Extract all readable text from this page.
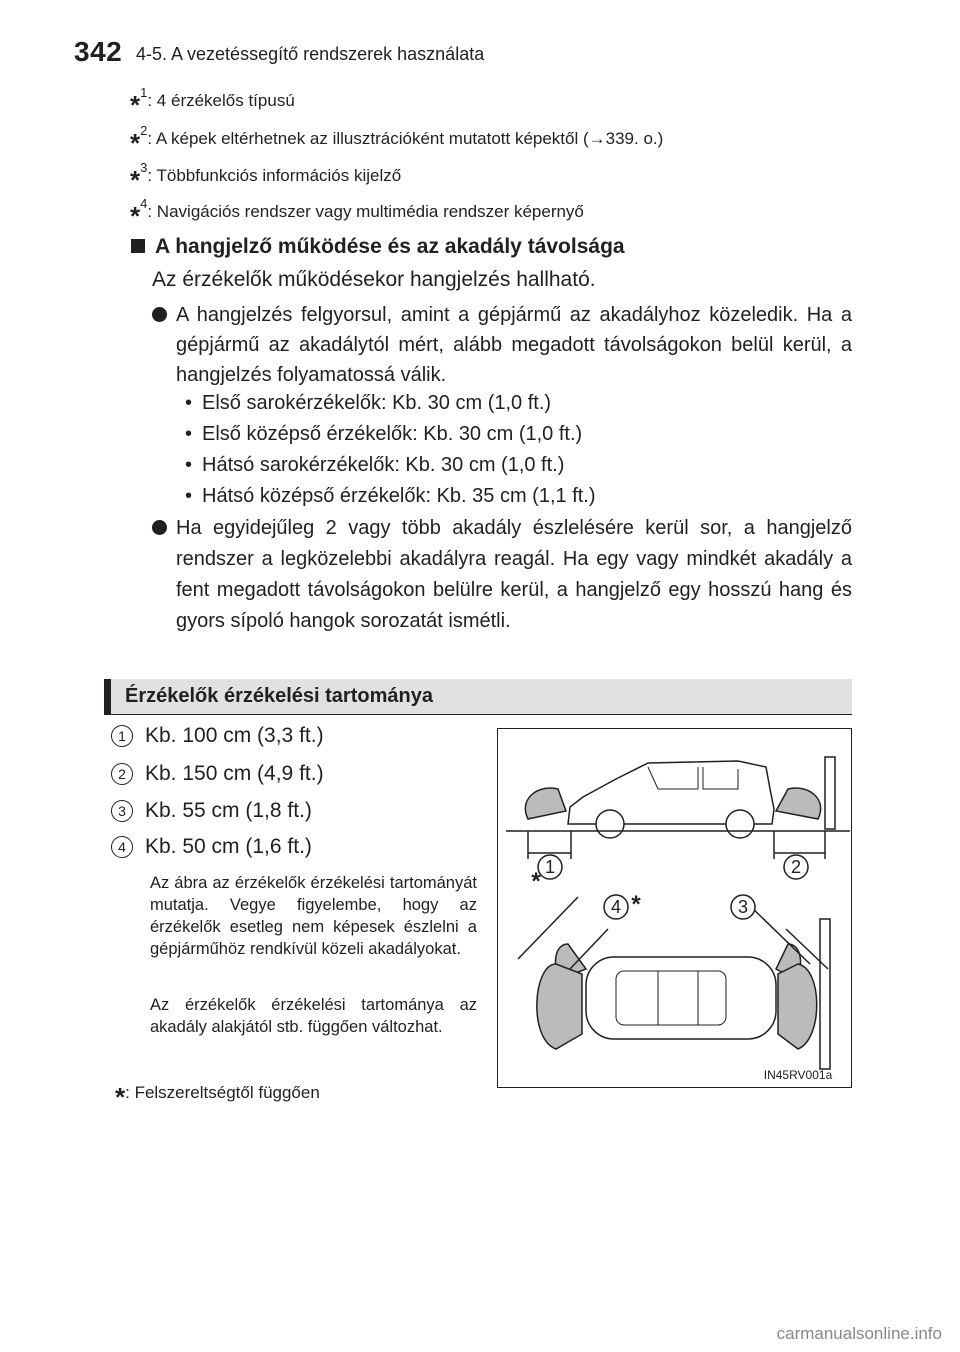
342 4-5. A vezetéssegítő rendszerek használata
*$^1$: 4 érzékelős típusú
*$^2$: A képek eltérhetnek az illusztrációként mutatott képektől (→339. o.)
*$^3$: Többfunkciós információs kijelző
*$^4$: Navigációs rendszer vagy multimédia rendszer képernyő
A hangjelző működése és az akadály távolsága
Az érzékelők működésekor hangjelzés hallható.
A hangjelzés felgyorsul, amint a gépjármű az akadályhoz közeledik. Ha a gépjármű az akadálytól mért, alább megadott távolságokon belül kerül, a hangjelzés folyamatossá válik.
• Első sarokérzékelők: Kb. 30 cm (1,0 ft.)
• Első középső érzékelők: Kb. 30 cm (1,0 ft.)
• Hátsó sarokérzékelők: Kb. 30 cm (1,0 ft.)
• Hátsó középső érzékelők: Kb. 35 cm (1,1 ft.)
Ha egyidejűleg 2 vagy több akadály észlelésére kerül sor, a hangjelző rendszer a legközelebbi akadályra reagál. Ha egy vagy mindkét akadály a fent megadott távolságokon belülre kerül, a hangjelző egy hosszú hang és gyors sípoló hangok sorozatát ismétli.
Érzékelők érzékelési tartománya
1 Kb. 100 cm (3,3 ft.)
2 Kb. 150 cm (4,9 ft.)
3 Kb. 55 cm (1,8 ft.)
4 Kb. 50 cm (1,6 ft.)
Az ábra az érzékelők érzékelési tartományát mutatja. Vegye figyelembe, hogy az érzékelők esetleg nem képesek észlelni a gépjárműhöz rendkívül közeli akadályokat.
Az érzékelők érzékelési tartománya az akadály alakjától stb. függően változhat.
*: Felszereltségtől függően
1	2
3
4
*
*
IN45RV001a
carmanualsonline.info
